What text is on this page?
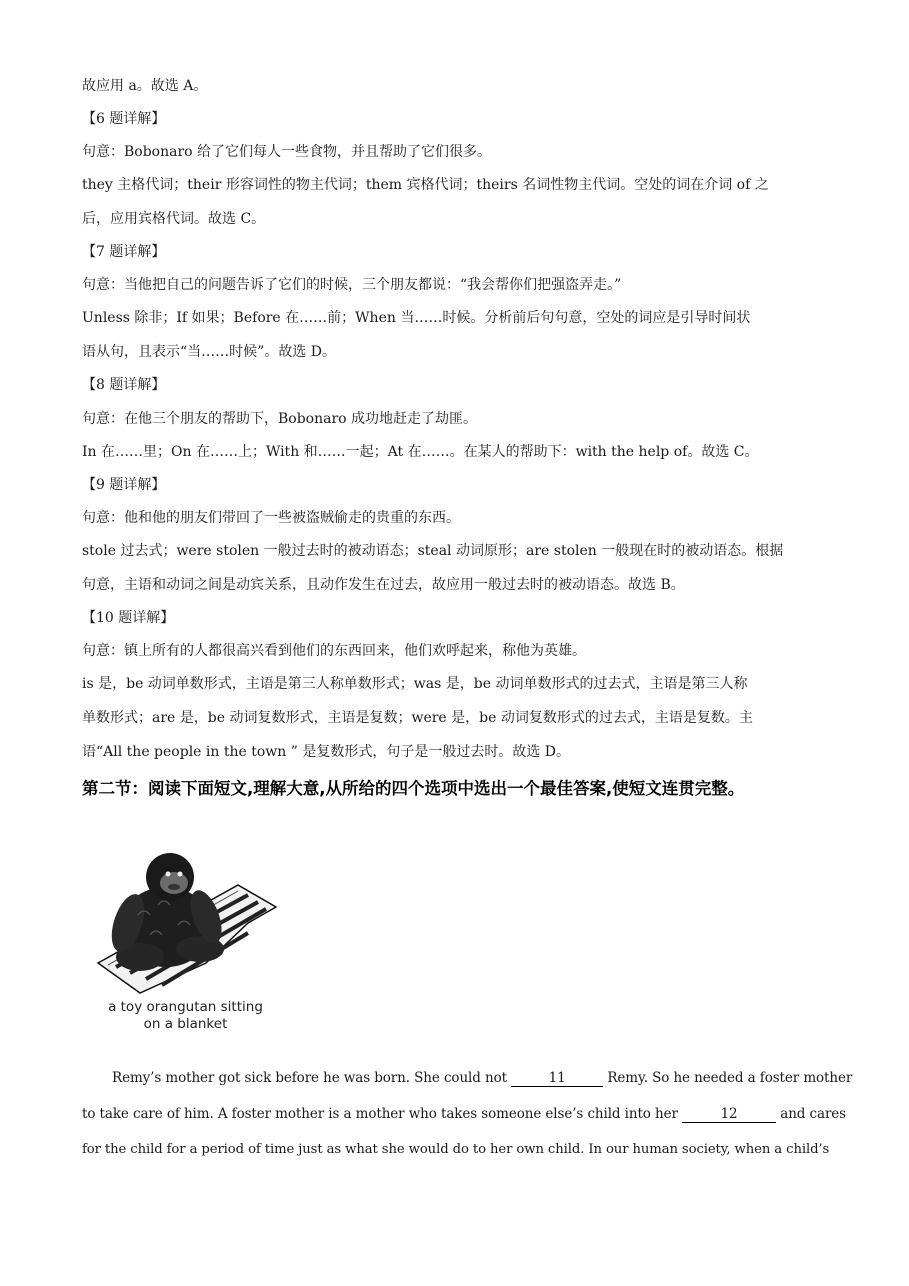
故应用 a。故选 A。
【6 题详解】
句意：Bobonaro 给了它们每人一些食物，并且帮助了它们很多。
they 主格代词；their 形容词性的物主代词；them 宾格代词；theirs 名词性物主代词。空处的词在介词 of 之
后，应用宾格代词。故选 C。
【7 题详解】
句意：当他把自己的问题告诉了它们的时候，三个朋友都说：“我会帮你们把强盗弄走。”
Unless 除非；If 如果；Before 在……前；When 当……时候。分析前后句句意，空处的词应是引导时间状
语从句，且表示“当……时候”。故选 D。
【8 题详解】
句意：在他三个朋友的帮助下，Bobonaro 成功地赶走了劫匪。
In 在……里；On 在……上；With 和……一起；At 在……。在某人的帮助下：with the help of。故选 C。
【9 题详解】
句意：他和他的朋友们带回了一些被盗贼偷走的贵重的东西。
stole 过去式；were stolen 一般过去时的被动语态；steal 动词原形；are stolen 一般现在时的被动语态。根据
句意，主语和动词之间是动宾关系，且动作发生在过去，故应用一般过去时的被动语态。故选 B。
【10 题详解】
句意：镇上所有的人都很高兴看到他们的东西回来，他们欢呼起来，称他为英雄。
is 是，be 动词单数形式，主语是第三人称单数形式；was 是，be 动词单数形式的过去式，主语是第三人称
单数形式；are 是，be 动词复数形式，主语是复数；were 是，be 动词复数形式的过去式，主语是复数。主
语“All the people in the town ” 是复数形式，句子是一般过去时。故选 D。
第二节：阅读下面短文,理解大意,从所给的四个选项中选出一个最佳答案,使短文连贯完整。
a toy orangutan sitting
on a blanket
Remy’s mother got sick before he was born. She could not	11	Remy. So he needed a foster mother
to take care of him. A foster mother is a mother who takes someone else’s child into her	12	and cares
for the child for a period of time just as what she would do to her own child. In our human society, when a child’s
